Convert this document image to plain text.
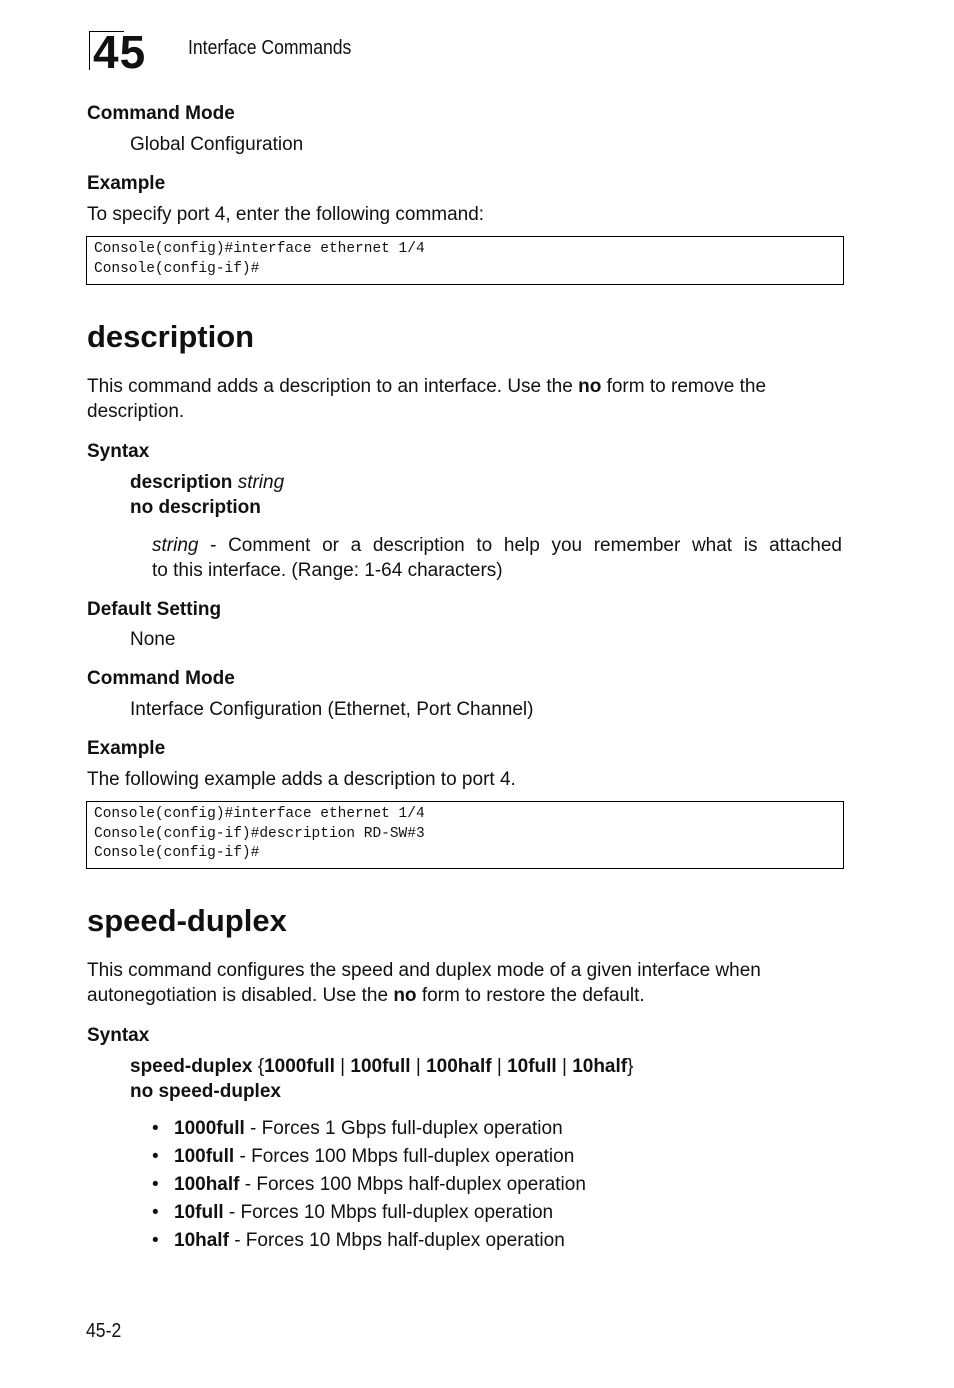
45 Interface Commands
Command Mode
Global Configuration
Example
To specify port 4, enter the following command:
Console(config)#interface ethernet 1/4
Console(config-if)#
description
This command adds a description to an interface. Use the no form to remove the
description.
Syntax
description string
no description
string - Comment or a description to help you remember what is attached
to this interface. (Range: 1-64 characters)
Default Setting
None
Command Mode
Interface Configuration (Ethernet, Port Channel)
Example
The following example adds a description to port 4.
Console(config)#interface ethernet 1/4
Console(config-if)#description RD-SW#3
Console(config-if)#
speed-duplex
This command configures the speed and duplex mode of a given interface when
autonegotiation is disabled. Use the no form to restore the default.
Syntax
speed-duplex {1000full | 100full | 100half | 10full | 10half}
no speed-duplex
• 1000full - Forces 1 Gbps full-duplex operation
• 100full - Forces 100 Mbps full-duplex operation
• 100half - Forces 100 Mbps half-duplex operation
• 10full - Forces 10 Mbps full-duplex operation
• 10half - Forces 10 Mbps half-duplex operation
45-2
